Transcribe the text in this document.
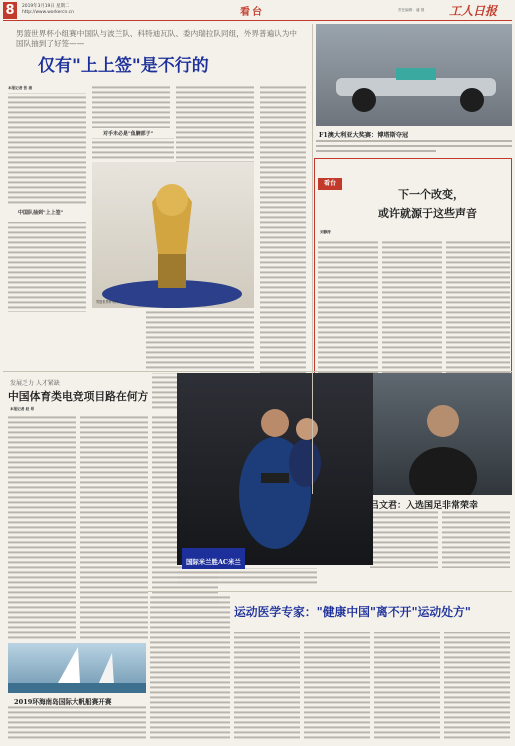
8	2019年3月19日 星期二
http://www.workercn.cn	看台	责任编辑：潘 强 工人日报
男篮世界杯小组赛中国队与波兰队、科特迪瓦队、委内瑞拉队同组，外界普遍认为中国队抽到了好签——
仅有"上上签"是不行的
本报记者 张 港

中国队抽到"上上签"
对手未必是"鱼腩部子"
男篮世界杯奖杯
F1澳大利亚大奖赛：博塔斯夺冠
看台
下一个改变，
或许就源于这些声音
刘静涛
发展乏力 人才紧缺
中国体育类电竞项目路在何方
本报记者 赵 昂
国际米兰胜AC米兰
吕文君：入选国足非常荣幸
2019环海南岛国际大帆船赛开赛
运动医学专家："健康中国"离不开"运动处方"
